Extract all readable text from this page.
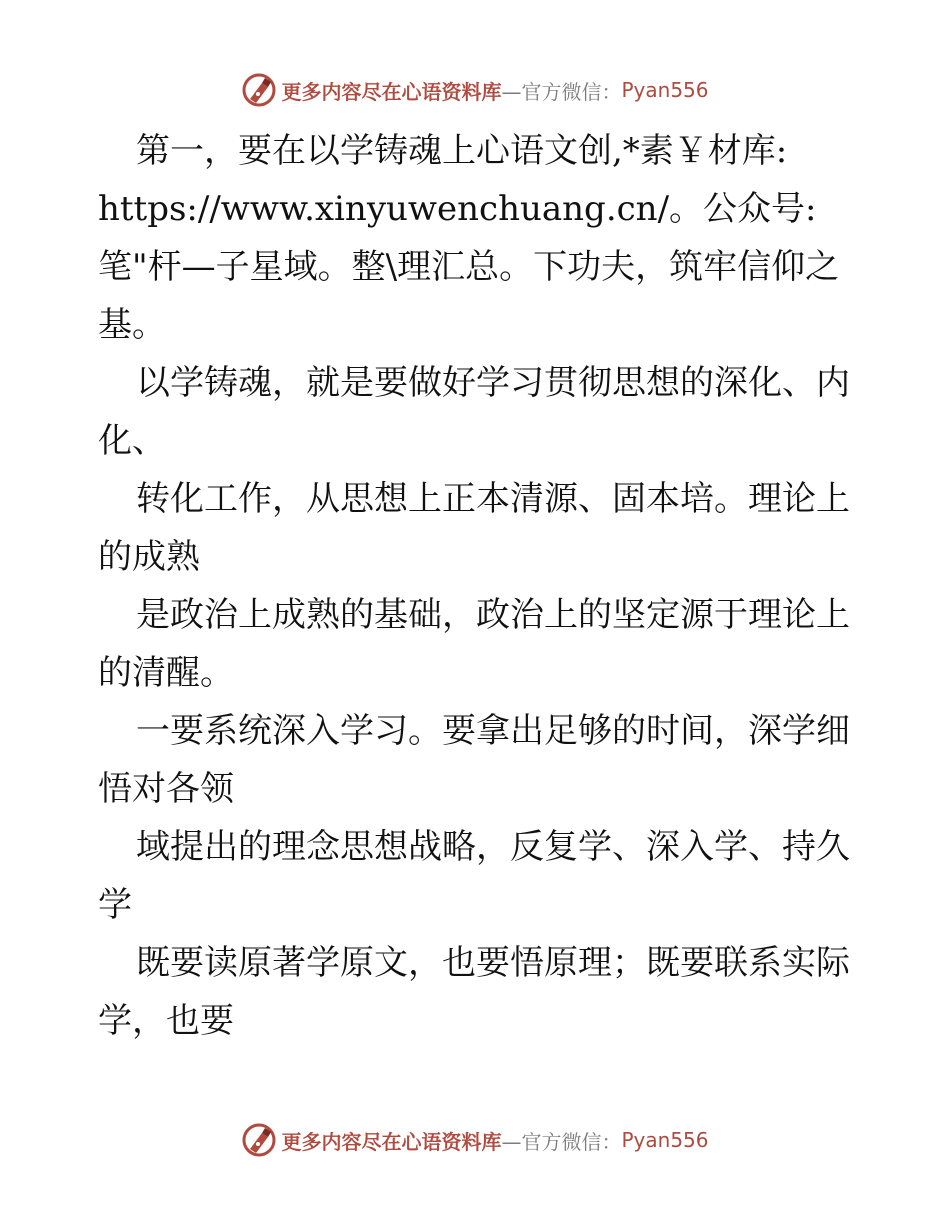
更多内容尽在心语资料库 —官方微信： Pyan556
第一，要在以学铸魂上心语文创,*素￥材库:
https://www.xinyuwenchuang.cn/。公众号:
笔"杆—子星域。整\理汇总。下功夫，筑牢信仰之
基。
以学铸魂，就是要做好学习贯彻思想的深化、内
化、
转化工作，从思想上正本清源、固本培。理论上
的成熟
是政治上成熟的基础，政治上的坚定源于理论上
的清醒。
一要系统深入学习。要拿出足够的时间，深学细
悟对各领
域提出的理念思想战略，反复学、深入学、持久
学
既要读原著学原文，也要悟原理；既要联系实际
学，也要
更多内容尽在心语资料库 —官方微信： Pyan556
